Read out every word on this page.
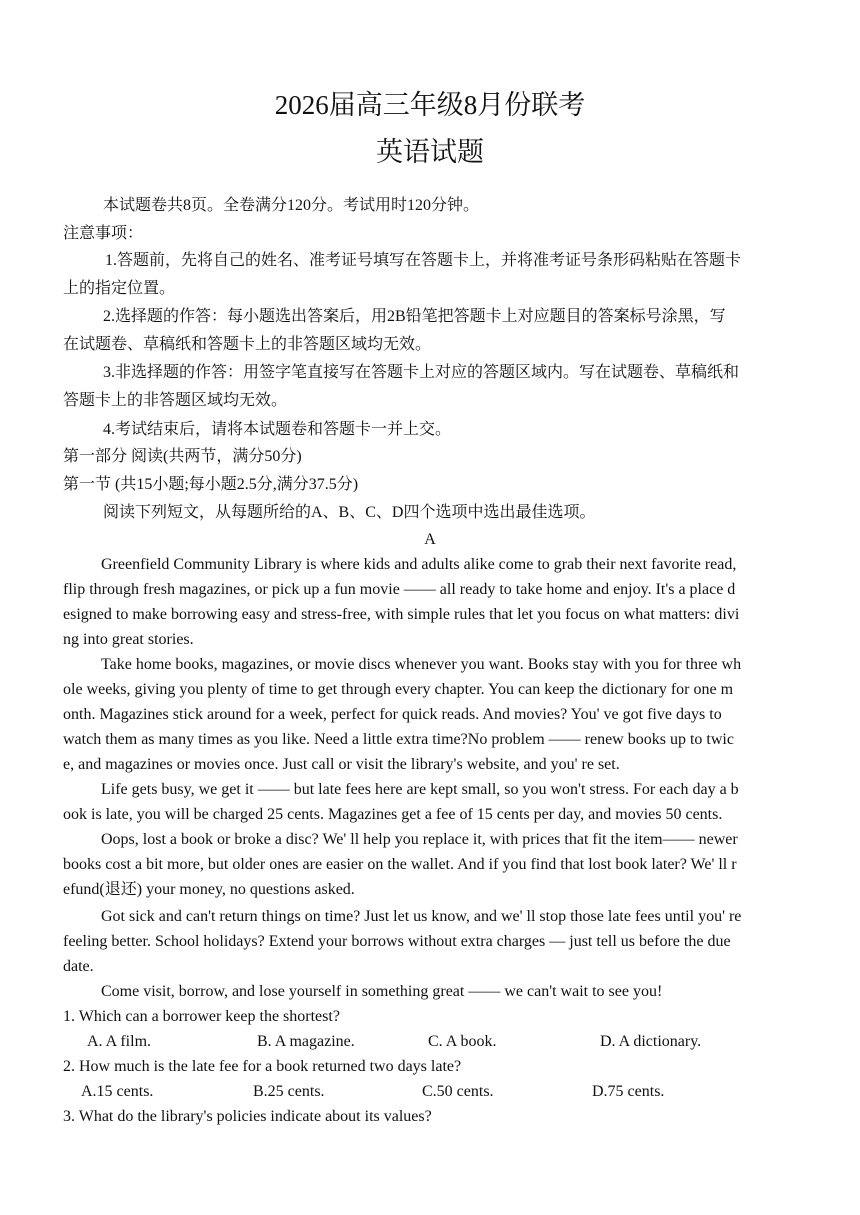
2026届高三年级8月份联考
英语试题
本试题卷共8页。全卷满分120分。考试用时120分钟。
注意事项：
1.答题前，先将自己的姓名、准考证号填写在答题卡上，并将准考证号条形码粘贴在答题卡
上的指定位置。
2.选择题的作答：每小题选出答案后，用2B铅笔把答题卡上对应题目的答案标号涂黑，写
在试题卷、草稿纸和答题卡上的非答题区域均无效。
3.非选择题的作答：用签字笔直接写在答题卡上对应的答题区域内。写在试题卷、草稿纸和
答题卡上的非答题区域均无效。
4.考试结束后，请将本试题卷和答题卡一并上交。
第一部分 阅读(共两节，满分50分)
第一节 (共15小题;每小题2.5分,满分37.5分)
阅读下列短文，从每题所给的A、B、C、D四个选项中选出最佳选项。
A
Greenfield Community Library is where kids and adults alike come to grab their next favorite read,
flip through fresh magazines, or pick up a fun movie —— all ready to take home and enjoy. It's a place d
esigned to make borrowing easy and stress-free, with simple rules that let you focus on what matters: divi
ng into great stories.
Take home books, magazines, or movie discs whenever you want. Books stay with you for three wh
ole weeks, giving you plenty of time to get through every chapter. You can keep the dictionary for one m
onth. Magazines stick around for a week, perfect for quick reads. And movies? You' ve got five days to
watch them as many times as you like. Need a little extra time?No problem —— renew books up to twic
e, and magazines or movies once. Just call or visit the library's website, and you' re set.
Life gets busy, we get it —— but late fees here are kept small, so you won't stress. For each day a b
ook is late, you will be charged 25 cents. Magazines get a fee of 15 cents per day, and movies 50 cents.
Oops, lost a book or broke a disc? We' ll help you replace it, with prices that fit the item—— newer
books cost a bit more, but older ones are easier on the wallet. And if you find that lost book later? We' ll r
efund(退还) your money, no questions asked.
Got sick and can't return things on time? Just let us know, and we' ll stop those late fees until you' re
feeling better. School holidays? Extend your borrows without extra charges — just tell us before the due
date.
Come visit, borrow, and lose yourself in something great —— we can't wait to see you!
1. Which can a borrower keep the shortest?
A. A film.	B. A magazine.	C. A book.	D. A dictionary.
2. How much is the late fee for a book returned two days late?
A.15 cents.	B.25 cents.	C.50 cents.	D.75 cents.
3. What do the library's policies indicate about its values?
